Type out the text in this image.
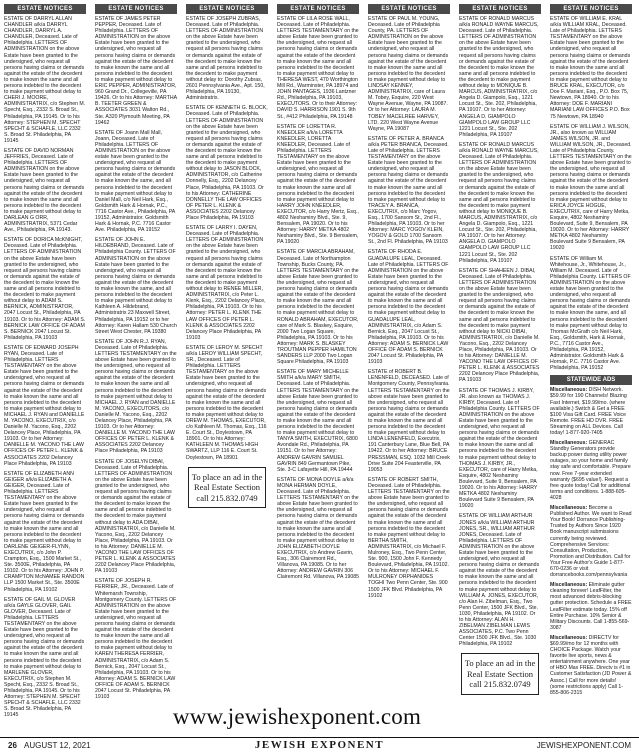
ESTATE NOTICES
ESTATE OF DARRYL ALLAN CHANDLER a/k/a DARRYL CHANDLER, DARRYL A. CHANDLER, Deceased. Late of Philadelphia. LETTERS OF ADMINISTRATION on the above Estate have been granted to the undersigned, who request all persons having claims or demands against the estate of the decedent to make known the same and all persons indebted to the decedent to make payment without delay to CHERI J. MOORE, ADMINISTRATRIX, c/o Stephen M. Specht, Esq., 2332 S. Broad St., Philadelphia, PA 19145. Or to his Attorney: STEPHEN M. SPECHT SPECHT & SCHAFLE, LLC 2332 S. Broad St. Philadelphia, PA 19145
ESTATE OF DAVID NORMAN JEFFRIES, Deceased. Late of Philadelphia. LETTERS OF ADMINISTRATION on the above Estate have been granted to the undersigned, who request all persons having claims or demands against the estate of the decedent to make known the same and all persons indebted to the decedent to make payment without delay to DARLEAN G ORR, ADMINISTRATRIX, 5371 Cedar Ave., Philadelphia, PA 19143.
ESTATE OF DORICA McKNIGHT, Deceased. Late of Philadelphia. LETTERS OF ADMINISTRATION on the above Estate have been granted to the undersigned, who request all persons having claims or demands against the estate of the decedent to make known the same and all persons indebted to the decedent to make payment without delay to ADAM S. BERNICK, ADMINISTRATOR, 2047 Locust St., Philadelphia, PA 19103. Or to his Attorney: ADAM S. BERNICK LAW OFFICE OF ADAM S. BERNICK 2047 Locust St. Philadelphia, PA 19103
ESTATE OF EDWARD JOSEPH RYAN, Deceased. Late of Philadelphia. LETTERS TESTAMENTARY on the above Estate have been granted to the undersigned, who request all persons having claims or demands against the estate of the decedent to make known the same and all persons indebted to the decedent to make payment without delay to MICHAEL J. RYAN and DANIELLE M. YACONO, EXECUTRIX, c/o Danielle M. Yacono, Esq., 2202 Delancey Place, Philadelphia, PA 19103. Or to her Attorney: DANIELLE M. YACONO THE LAW OFFICES OF PETER L. KLENK & ASSOCIATES 2202 Delancey Place Philadelphia, PA 19103
ESTATE OF ELIZABETH ANN GEIGER a/k/a ELIZABETH A. GEIGER, Deceased. Late of Philadelphia. LETTERS TESTAMENTARY on the above Estate have been granted to the undersigned, who request all persons having claims or demands against the estate of the decedent to make known the same and all persons indebted to the decedent to make payment without delay to DARLENE GEIGER-FLYNN, EXECUTRIX, c/o John P. Crampton, Esq., 1500 Market St., Ste. 3500E, Philadelphia, PA 19102. Or to his Attorney: JOHN P. CRAMPTON McNAMEE RANDON LLP 1500 Market St., Ste. 3500E Philadelphia, PA 19102
ESTATE OF GAIL M. GLOVER a/k/a GAYLE GLOVER, GAIL GLOVER, Deceased. Late of Philadelphia. LETTERS TESTAMENTARY on the above Estate have been granted to the undersigned, who request all persons having claims or demands against the estate of the decedent to make known the same and all persons indebted to the decedent to make payment without delay to MARLENE GLOVER, EXECUTRIX, c/o Stephen M. Specht, Esq., 2332 S. Broad St., Philadelphia, PA 19145. Or to his Attorney: STEPHEN M. SPECHT SPECHT & SCHAFLE, LLC 2332 S. Broad St. Philadelphia, PA 19145
ESTATE NOTICES
ESTATE OF JAMES PETER PEPPER, Deceased. Late of Philadelphia. LETTERS OF ADMINISTRATION on the above Estate have been granted to the undersigned, who request all persons having claims or demands against the estate of the decedent to make known the same and all persons indebted to the decedent to make payment without delay to ERIC PEPPER, ADMINISTRATOR, 960 Grand Dr., Collegeville, PA 19426. Or to his Attorney: MARTHA B. TEETER GREEN & ASSOCIATES 3031 Walton Rd., Ste. A320 Plymouth Meeting, PA 19462
ESTATE OF Joann Mall Mall, Joann, Deceased. Late of Philadelphia. LETTERS OF ADMINISTRATION on the above estate have been granted to the undersigned, who request all persons having claims or demands against the estate of the decedent to make known the same, and all persons indebted to the decedent to make payment without delay to Daniel Mall, c/o Neil Hark, Esq., Goldsmith Hark & Hornak, P.C., 7716 Castor Ave., Philadelphia, PA 19152, Administrator. Goldsmith Hark & Hornak, P.C. 7716 Castor Ave. Philadelphia, PA 19152
ESTATE OF JOHN E. HILDEBRAND, Deceased. Late of Philadelphia County. LETTERS OF ADMINISTRATION on the above Estate have been granted to the undersigned, who request all persons having claims or demands against the estate of the decedent to make known the same, and all persons indebted to the decedent to make payment without delay to Kathleen A. Hildebrand, Administratrix 23 Maxwell Street, Philadelphia, PA 19152 or to her Attorney: Karen Hallam 530 Church Street West Chester, PA 19380
ESTATE OF JOHN R.J. RYAN, Deceased. Late of Philadelphia. LETTERS TESTAMENTARY on the above Estate have been granted to the undersigned, who request all persons having claims or demands against the estate of the decedent to make known the same and all persons indebted to the decedent to make payment without delay to MICHAEL J. RYAN and DANIELLE M. YACONO, EXECUTORS, c/o Danielle M. Yacono, Esq., 2202 Delancey Place, Philadelphia, PA 19103. Or to her Attorney: DANIELLE M. YACONO THE LAW OFFICES OF PETER L. KLENK & ASSOCIATES 2202 Delancey Place Philadelphia, PA 19103
ESTATE OF JOSELYN DIBAI, Deceased. Late of Philadelphia. LETTERS OF ADMINISTRATION on the above Estate have been granted to the undersigned, who request all persons having claims or demands against the estate of the decedent to make known the same and all persons indebted to the decedent to make payment without delay to ADA DIBAI, ADMINISTRATRIX, c/o Danielle M. Yacono, Esq., 2202 Delancey Place, Philadelphia, PA 19103. Or to his Attorney: DANIELLE M. YACONO THE LAW OFFICES OF PETER L. KLENK & ASSOCIATES 2202 Delancey Place Philadelphia, PA 19103
ESTATE OF JOSEPH R. FERRIER, JR., Deceased. Late of Whitemarsh Township, Montgomery County. LETTERS OF ADMINISTRATION on the above Estate have been granted to the undersigned, who request all persons having claims or demands against the estate of the decedent to make known the same and all persons indebted to the decedent to make payment without delay to KAREN THERESA FERRIER, ADMINISTRATRIX, c/o Adam S. Bernick, Esq., 2047 Locust St., Philadelphia, PA 19103. Or to his Attorney: ADAM S. BERNICK LAW OFFICE OF ADAM S. BERNICK 2047 Locust St. Philadelphia, PA 19103
ESTATE NOTICES
ESTATE OF JOSEPH ZUBRAS, Deceased. Late of Philadelphia. LETTERS OF ADMINISTRATION on the above Estate have been granted to the undersigned, who request all persons having claims or demands against the estate of the decedent to make known the same and all persons indebted to the decedent to make payment without delay to: Dorothy Zubras, 2601 Pennsylvania Ave., Apt. 150, Philadelphia, PA 19130, Administratrix.
ESTATE OF KENNETH G. BLOCK, Deceased. Late of Philadelphia. LETTERS OF ADMINISTRATION on the above Estate have been granted to the undersigned, who request all persons having claims or demands against the estate of the decedent to make known the same and all persons indebted to the decedent to make payment without delay to JASON BLOCK, ADMINISTRATOR, c/o Catherine Donnelly, Esq., 2202 Delancey Place, Philadelphia, PA 19103. Or to his Attorney: CATHERINE DONNELLY THE LAW OFFICES OF PETER L. KLENK & ASSOCIATES 2202 Delancey Place Philadelphia, PA 19103
ESTATE OF LARRY I. DAYEN, Deceased. Late of Philadelphia. LETTERS OF ADMINISTRATION on the above Estate have been granted to the undersigned, who request all persons having claims or demands against the estate of the decedent to make known the same and all persons indebted to the decedent to make payment without delay to RENEE MILLER, ADMINISTRATRIX, c/o Peter L. Klenk, Esq., 2202 Delancey Place, Philadelphia, PA 19103. Or to his Attorney: PETER L. KLENK THE LAW OFFICES OF PETER L. KLENK & ASSOCIATES 2202 Delancey Place Philadelphia, PA 19103
ESTATE OF LEROY M. SPECHT a/k/a LEROY WILLIAM SPECHT, SR., Deceased. Late of Philadelphia. LETTERS TESTAMENTARY on the above Estate have been granted to the undersigned, who request all persons having claims or demands against the estate of the decedent to make known the same and all persons indebted to the decedent to make payment without delay to DREW M. THOMAS, EXECUTOR, c/o Kathleen M. Thomas, Esq., 116 E. Court St., Doylestown, PA 18901. Or to his Attorney: KATHLEEN M. THOMAS HIGH SWARTZ, LLP 116 E. Court St. Doylestown, PA 18901
To place an ad in the Real Estate Section call 215.832.0749
ESTATE NOTICES
ESTATE OF LILA ROSE WALL, Deceased. Late of Philadelphia. LETTERS TESTAMENTARY on the above Estate have been granted to the undersigned, who request all persons having claims or demands against the estate of the decedent to make known the same and all persons indebted to the decedent to make payment without delay to THERESA WEST, 470 Worthington Mill Rd., Warminster, PA 18974 and JOHN PANTAGES, 1936 Lantzner Rd., Philadelphia, PA 19103, EXECUTORS. Or to their Attorney: DAVID S. HARRISON 1901 S. 9th St., #412 Philadelphia, PA 19148
ESTATE OF LORETTA R. KNEEDLER a/k/a LORETTA KNEEDLER, LORETTA KNEEDLER, Deceased. Late of Philadelphia. LETTERS TESTAMENTARY on the above Estate have been granted to the undersigned, who request all persons having claims or demands against the estate of the decedent to make known the same and all persons indebted to the decedent to make payment without delay to HARRY JOHN KNEEDLER, EXECUTOR, c/o Harry Mertz, Esq., 4802 Neshaminy Blvd., Ste. 9, Bensalem, PA 19020. Or to his Attorney: HARRY METKA 4802 Neshaminy Blvd., Ste. 9 Bensalem, PA 19020
ESTATE OF MARCIA ABRAHAM, Deceased. Late of Northampton Township, Bucks County, PA. LETTERS TESTAMENTARY on the above Estate have been granted to the undersigned, who request all persons having claims or demands against the estate of the decedent to make known the same and all persons indebted to the decedent to make payment without delay to RONALD ABRAHAM, EXECUTOR, care of Mark S. Blaskey, Esquire, 2000 Two Logan Square, Philadelphia, PA 19103. Or to his Attorney: MARK S. BLASKEY TROUTMAN PEPPER HAMILTON SANDERS LLP 2000 Two Logan Square Philadelphia, PA 19103
ESTATE OF MARY MICHELLE SMITH a/k/a MARY SMITH, Deceased. Late of Philadelphia. LETTERS TESTAMENTARY on the above Estate have been granted to the undersigned, who request all persons having claims or demands against the estate of the decedent to make known the same and all persons indebted to the decedent to make payment without delay to TANYA SMITH, EXECUTRIX, 6800 Avondale Rd., Philadelphia, PA 19151. Or to her Attorney: ANDREW GAVRIN SAMUEL GAVRIN 849 Germantown Pike, Ste. 3-C Lafayette Hill, PA 19444
ESTATE OF MONA DOYLE a/k/a MONA HERMAN DOYLE, Deceased. Late of Philadelphia. LETTERS TESTAMENTARY on the above Estate have been granted to the undersigned, who request all persons having claims or demands against the estate of the decedent to make known the same and all persons indebted to the decedent to make payment without delay to JOHN ELIZABETH DOYLE EXECUTRIX, c/o Andrew Gavrin, Esq., 306 Clairemont Rd., Villanova, PA 19085. Or to her Attorney: ANDREW GAVRIN 306 Clairemont Rd. Villanova, PA 19085
ESTATE NOTICES
ESTATE OF PAUL M. YOUNG, Deceased. Late of Philadelphia County, PA. LETTERS OF ADMINISTRATION on the above Estate have been granted to the undersigned, who request all persons having claims or demands against the estate of the decedent to make known the same and all persons indebted to the decedent to make payment without delay to LINDSAY KENNEY, ADMINISTRATRIX, care of Laura M. Tobey, Esquire, 220 West Wayne Avenue, Wayne, PA 19087. Or to her Attorney: LAURA M. TOBEY MACELREE HARVEY, LTD. 220 West Wayne Avenue Wayne, PA 19087
ESTATE OF PETER A. BRANCA a/k/a PETER BRANCA, Deceased. Late of Philadelphia. LETTERS TESTAMENTARY on the above Estate have been granted to the undersigned, who request all persons having claims or demands against the estate of the decedent to make known the same and all persons indebted to the decedent to make payment without delay to TRACEY A. BRANCA, EXECUTRIX, c/o Marc Yogov, Esq., 1700 Sansom St., 2nd Fl., Philadelphia, PA 19103. Or to her Attorney: MARC YOGOV KLEIN, YOGOV & GOLD 1700 Sansom St., 2nd Fl. Philadelphia, PA 19103
ESTATE OF RHODA E. GUADALUPE LEAL, Deceased. Late of Philadelphia. LETTERS OF ADMINISTRATION on the above Estate have been granted to the undersigned, who request all persons having claims or demands against the estate of the decedent to make known the same and all persons indebted to the decedent to make payment without delay to GUADALUPE LEAL, ADMINISTRATRIX, c/o Adam S. Bernick, Esq., 2047 Locust St., Philadelphia, PA 19103. Or to his Attorney: ADAM S. BERNICK LAW OFFICE OF ADAM S. BERNICK 2047 Locust St. Philadelphia, PA 19103
ESTATE of ROBERT B. LENENFELD, DECEASED. Late of Montgomery County, Pennsylvania. LETTERS TESTAMENTARY on the above estate have been granted to the undersigned, who request all persons having claims or demands against the estate of the decedent to make known the same and all persons indebted to the decedent to make payment without delay to LINDA LENENFELD, Executrix, 191 Canterbury Lane, Blue Bell, PA 19422. Or to her Attorney: BRUCE PRESSMAN, ESQ. 1032 Mill Creek Drive Suite 204 Feasterville, PA 19053
ESTATE OF ROBERT SMITH, Deceased. Late of Philadelphia. LETTERS TESTAMENTARY on the above Estate have been granted to the undersigned, who request all persons having claims or demands against the estate of the decedent to make known the same and all persons indebted to the decedent to make payment without delay to BERTHA SMITH, ADMINISTRATRIX, c/o Michael F. Mulroney, Esq., Two Penn Center, Ste. 900, 1500 John F. Kennedy Boulevard, Philadelphia, PA 19102. Or to his Attorney: MICHAEL F. MULRONEY ORPHANIDES TOGHI Two Penn Center, Ste. 900 1500 JFK Blvd. Philadelphia, PA 19102
ESTATE NOTICES
ESTATE OF RONALD MARCUS a/k/a RONALD WAYNE MARCUS, Deceased. Late of Philadelphia. LETTERS OF ADMINISTRATION on the above Estate have been granted to the undersigned, who request all persons having claims or demands against the estate of the decedent to make known the same and all persons indebted to the decedent to make payment without delay to MONIQUE B. MARCUS, ADMINISTRATRIX, c/o Angela D. Giampolo, Esq., 1221 Locust St., Ste. 202, Philadelphia, PA 19107. Or to her Attorney: ANGELA D. GIAMPOLO GIAMPOLO LAW GROUP LLC 1221 Locust St., Ste. 202 Philadelphia, PA 19107
ESTATE OF RONALD MARCUS a/k/a RONALD WAYNE MARCUS, Deceased. Late of Philadelphia. LETTERS OF ADMINISTRATION on the above Estate have been granted to the undersigned, who request all persons having claims or demands against the estate of the decedent to make known the same and all persons indebted to the decedent to make payment without delay to MONIQUE B. MARCUS, ADMINISTRATRIX, c/o Angela D. Giampolo, Esq., 1221 Locust St., Ste. 202, Philadelphia, PA 19107. Or to her Attorney: ANGELA D. GIAMPOLO GIAMPOLO LAW GROUP LLC 1221 Locust St., Ste. 202 Philadelphia, PA 19107
ESTATE OF SHAHEEN J. DIBAI, Deceased. Late of Philadelphia. LETTERS OF ADMINISTRATION on the above Estate have been granted to the undersigned, who request all persons having claims or demands against the estate of the decedent to make known the same and all persons indebted to the decedent to make payment without delay to NICKI DIBAI, ADMINISTRATRIX, c/o Danielle M. Yacono, Esq., 2202 Delancey Place, Philadelphia, PA 19103. Or to his Attorney: DANIELLE M. YACONO THE LAW OFFICES OF PETER L. KLENK & ASSOCIATES 2202 Delancey Place Philadelphia, PA 19103
ESTATE OF THOMAS J. KIRBY, JR. also known as THOMAS J. KIRBY, Deceased. Late of Philadelphia County. LETTERS OF ADMINISTRATION on the above Estate have been granted to the undersigned, who request all persons having claims or demands against the estate of the decedent to make known the same and all persons indebted to the decedent to make payment without delay to THOMAS J. KIRBY, JR., EXECUTOR, care of Harry Metka, Esquire, 4802 Neshaminy Boulevard, Suite 9, Bensalem, PA 19020. Or to his Attorney: HARRY METKA 4802 Neshaminy Boulevard Suite 9 Bensalem, PA 19020
ESTATE OF WILLIAM ARTHUR JONES a/k/a WILLIAM ARTHUR JONES, SR., WILLIAM ARTHUR JONES, Deceased. Late of Philadelphia. LETTERS OF ADMINISTRATION on the above Estate have been granted to the undersigned, who request all persons having claims or demands against the estate of the decedent to make known the same and all persons indebted to the decedent to make payment without delay to WILLIAM A. JONES, EXECUTOR, c/o Alan H. Zibelman, Esq., Two Penn Center, 1500 JFK Blvd., Ste. 1030, Philadelphia, PA 19102. Or to his Attorney: ALAN H. ZIBELMAN ZIBELMAN LEWIS ASSOCIATES, P.C. Two Penn Center 1500 JFK Blvd., Ste. 1030 Philadelphia, PA 19102
To place an ad in the Real Estate Section call 215.832.0749
ESTATE NOTICES
ESTATE OF WILLIAM E. KRAL a/k/a WILLIAM KRAL, Deceased. Late of Philadelphia. LETTERS TESTAMENTARY on the above Estate have been granted to the undersigned, who request all persons having claims or demands against the estate of the decedent to make known the same and all persons indebted to the decedent to make payment without delay to BRUCE KRAL, EXECUTOR, c/o Doe F. Mariani, Esq., P.O. Box 75, Newtown, PA 18940. Or to his Attorney: DOE F. MARIANI MARIANI LAW OFFICES P.O. Box 75 Newtown, PA 18940
ESTATE OF WILLIAM J. WILSON, JR., also known as WILLIAM JAMES WILSON, JR. and WILLIAM WILSON, JR., Deceased. Late of Philadelphia County. LETTERS TESTAMENTARY on the above Estate have been granted to the undersigned, who request all persons having claims or demands against the estate of the decedent to make known the same and all persons indebted to the decedent to make payment without delay to ERICA JOYCE HOGUE, EXECUTRIX, care of Harry Metka, Esquire, 4802 Neshaminy Boulevard, Suite 9, Bensalem, PA 19020. Or to her Attorney: HARRY METKA 4802 Neshaminy Boulevard Suite 9 Bensalem, PA 19020
ESTATE OF William M. Whitehouse, Jr., Whitehouse, Jr., William M. Deceased. Late of Philadelphia County. LETTERS OF ADMINISTRATION on the above estate have been granted to the undersigned, who request all persons having claims or demands against the estate of the decedent to make known the same, and all persons indebted to the decedent to make payment without delay to Thomas McGrath c/o Neil Hark, Esq., Goldsmith, Hark & Hornak, P.C., 7716 Castor Ave., Philadelphia, PA 19152, Administrator. Goldsmith Hark & Hornak, P.C. 7716 Castor Ave. Philadelphia, PA 19152
STATEWIDE ADS
Miscellaneous: DISH Network. $59.99 for 190 Channels! Blazing Fast Internet, $19.99/mo. (where available.) Switch & Get a FREE $100 Visa Gift Card. FREE Voice Remote. FREE HD DVR. FREE Streaming on ALL Devices. Call today! 1-877-920-7405
Miscellaneous: GENERAC Standby Generators provide backup power during utility power outages, so your home and family stay safe and comfortable. Prepare now. Free 7-year extended warranty ($695 value!). Request a free quote today! Call for additional terms and conditions. 1-888-605-4028
Miscellaneous: Become a Published Author. We want to Read Your Book! Dorrance Publishing-Trusted by Authors Since 1920 Book manuscript submissions currently being reviewed. Comprehensive Services: Consultation, Production, Promotion and Distribution. Call for Your Free Author's Guide 1-877-670-0236 or visit dorrancebooks.com/pennsylvania
Miscellaneous: Eliminate gutter cleaning forever! LeafFilter, the most advanced debris-blocking gutter protection. Schedule a FREE LeafFilter estimate today. 15% off Entire Purchase. 10% Senior & Military Discounts. Call 1-855-569-3087
Miscellaneous: DIRECTV for $69.99/mo for 12 months with CHOICE Package. Watch your favorite live sports, news & entertainment anywhere. One year of HBO Max FREE. Directv is #1 in Customer Satisfaction (JD Power & Assoc.) Call for more details! (some restrictions apply) Call 1-855-806-2315
www.jewishexponent.com
26 AUGUST 12, 2021	JEWISH EXPONENT	JEWISHEXPONENT.COM
